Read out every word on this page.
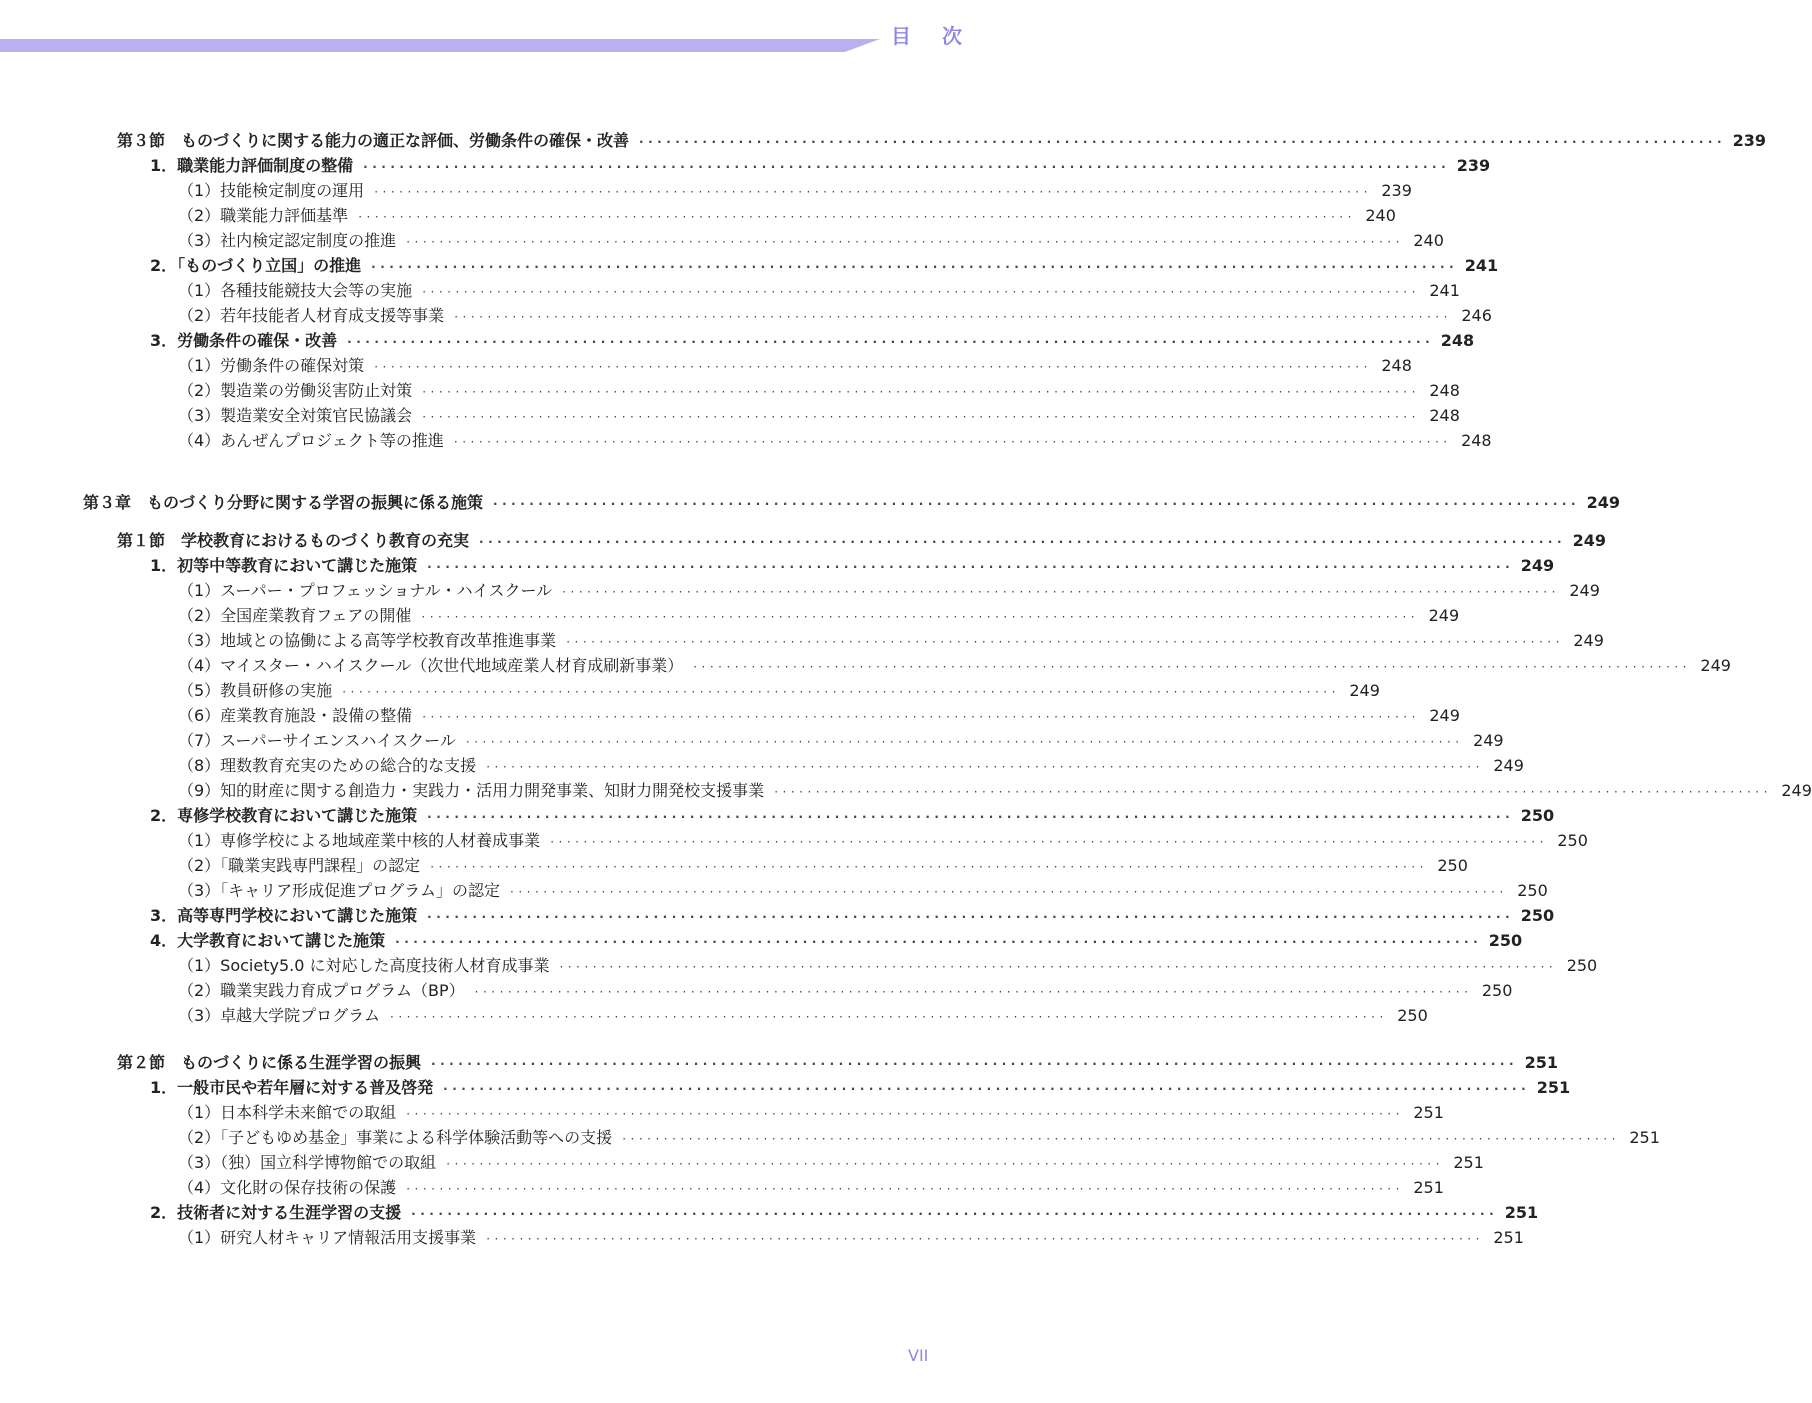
目 次
第３節　ものづくりに関する能力の適正な評価、労働条件の確保・改善 ························································································································ 239
1．職業能力評価制度の整備 ························································································································ 239
（1）技能検定制度の運用 ························································································································ 239
（2）職業能力評価基準 ························································································································ 240
（3）社内検定認定制度の推進 ························································································································ 240
2．「ものづくり立国」の推進 ························································································································ 241
（1）各種技能競技大会等の実施 ························································································································ 241
（2）若年技能者人材育成支援等事業 ························································································································ 246
3．労働条件の確保・改善 ························································································································ 248
（1）労働条件の確保対策 ························································································································ 248
（2）製造業の労働災害防止対策 ························································································································ 248
（3）製造業安全対策官民協議会 ························································································································ 248
（4）あんぜんプロジェクト等の推進 ························································································································ 248
第３章　ものづくり分野に関する学習の振興に係る施策 ························································································································ 249
第１節　学校教育におけるものづくり教育の充実 ························································································································ 249
1．初等中等教育において講じた施策 ························································································································ 249
（1）スーパー・プロフェッショナル・ハイスクール ························································································································ 249
（2）全国産業教育フェアの開催 ························································································································ 249
（3）地域との協働による高等学校教育改革推進事業 ························································································································ 249
（4）マイスター・ハイスクール（次世代地域産業人材育成刷新事業） ························································································································ 249
（5）教員研修の実施 ························································································································ 249
（6）産業教育施設・設備の整備 ························································································································ 249
（7）スーパーサイエンスハイスクール ························································································································ 249
（8）理数教育充実のための総合的な支援 ························································································································ 249
（9）知的財産に関する創造力・実践力・活用力開発事業、知財力開発校支援事業 ························································································································ 249
2．専修学校教育において講じた施策 ························································································································ 250
（1）専修学校による地域産業中核的人材養成事業 ························································································································ 250
（2）「職業実践専門課程」の認定 ························································································································ 250
（3）「キャリア形成促進プログラム」の認定 ························································································································ 250
3．高等専門学校において講じた施策 ························································································································ 250
4．大学教育において講じた施策 ························································································································ 250
（1）Society5.0 に対応した高度技術人材育成事業 ························································································································ 250
（2）職業実践力育成プログラム（BP） ························································································································ 250
（3）卓越大学院プログラム ························································································································ 250
第２節　ものづくりに係る生涯学習の振興 ························································································································ 251
1．一般市民や若年層に対する普及啓発 ························································································································ 251
（1）日本科学未来館での取組 ························································································································ 251
（2）「子どもゆめ基金」事業による科学体験活動等への支援 ························································································································ 251
（3）（独）国立科学博物館での取組 ························································································································ 251
（4）文化財の保存技術の保護 ························································································································ 251
2．技術者に対する生涯学習の支援 ························································································································ 251
（1）研究人材キャリア情報活用支援事業 ························································································································ 251
VII
